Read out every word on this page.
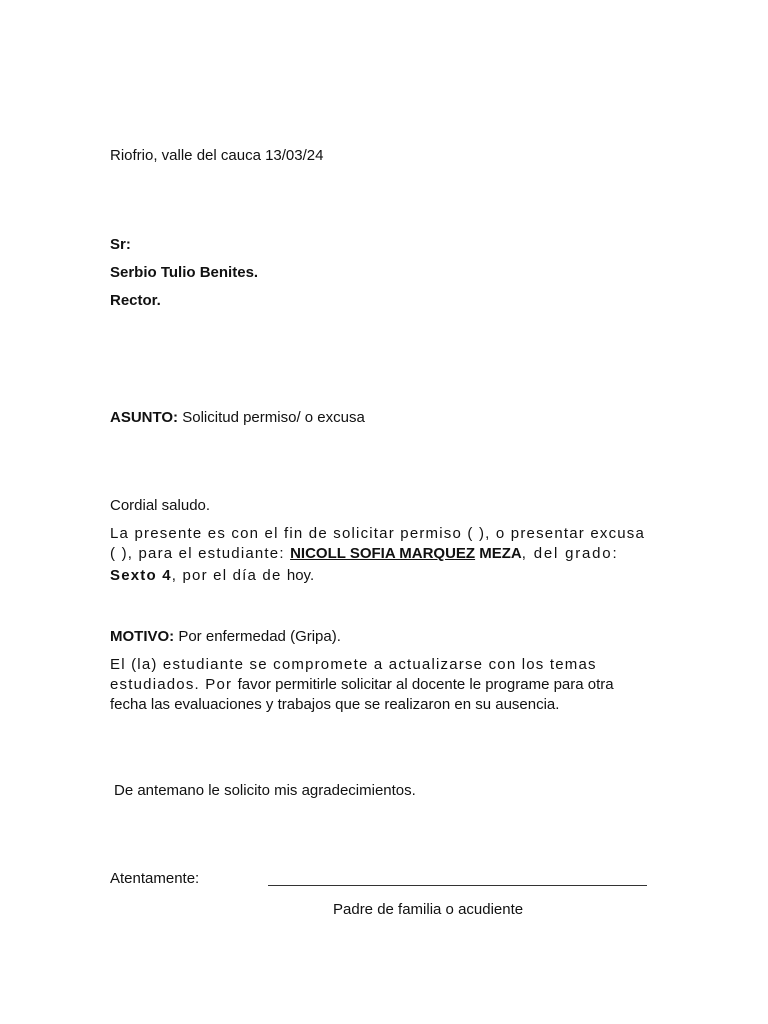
Riofrio, valle del cauca 13/03/24
Sr:
Serbio Tulio Benites.
Rector.
ASUNTO: Solicitud permiso/ o excusa
Cordial saludo.
La presente es con el fin de solicitar permiso ( ), o presentar excusa
( ), para el estudiante: NICOLL SOFIA MARQUEZ MEZA, del grado:
Sexto 4, por el día de hoy.
MOTIVO: Por enfermedad (Gripa).
El (la) estudiante se compromete a actualizarse con los temas
estudiados. Por favor permitirle solicitar al docente le programe para otra
fecha las evaluaciones y trabajos que se realizaron en su ausencia.
De antemano le solicito mis agradecimientos.
Atentamente:
Padre de familia o acudiente
